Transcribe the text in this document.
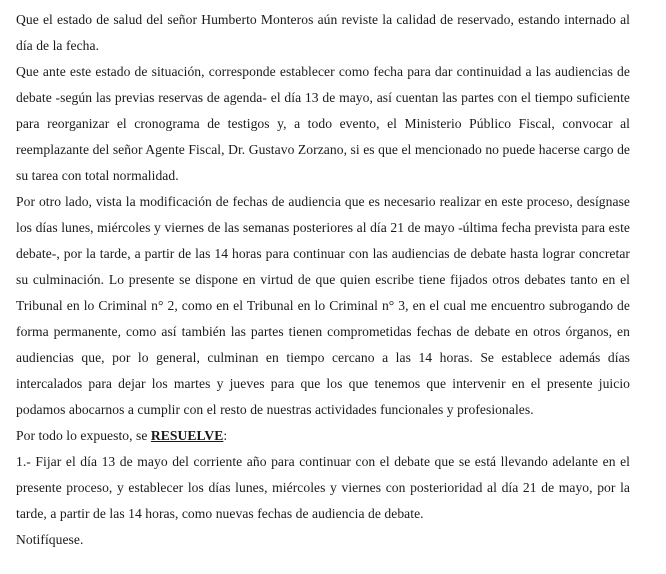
Que el estado de salud del señor Humberto Monteros aún reviste la calidad de reservado, estando internado al día de la fecha.

Que ante este estado de situación, corresponde establecer como fecha para dar continuidad a las audiencias de debate -según las previas reservas de agenda- el día 13 de mayo, así cuentan las partes con el tiempo suficiente para reorganizar el cronograma de testigos y, a todo evento, el Ministerio Público Fiscal, convocar al reemplazante del señor Agente Fiscal, Dr. Gustavo Zorzano, si es que el mencionado no puede hacerse cargo de su tarea con total normalidad.

Por otro lado, vista la modificación de fechas de audiencia que es necesario realizar en este proceso, desígnase los días lunes, miércoles y viernes de las semanas posteriores al día 21 de mayo -última fecha prevista para este debate-, por la tarde, a partir de las 14 horas para continuar con las audiencias de debate hasta lograr concretar su culminación. Lo presente se dispone en virtud de que quien escribe tiene fijados otros debates tanto en el Tribunal en lo Criminal n° 2, como en el Tribunal en lo Criminal n° 3, en el cual me encuentro subrogando de forma permanente, como así también las partes tienen comprometidas fechas de debate en otros órganos, en audiencias que, por lo general, culminan en tiempo cercano a las 14 horas. Se establece además días intercalados para dejar los martes y jueves para que los que tenemos que intervenir en el presente juicio podamos abocarnos a cumplir con el resto de nuestras actividades funcionales y profesionales.

Por todo lo expuesto, se RESUELVE:

1.- Fijar el día 13 de mayo del corriente año para continuar con el debate que se está llevando adelante en el presente proceso, y establecer los días lunes, miércoles y viernes con posterioridad al día 21 de mayo, por la tarde, a partir de las 14 horas, como nuevas fechas de audiencia de debate.

Notifíquese.
